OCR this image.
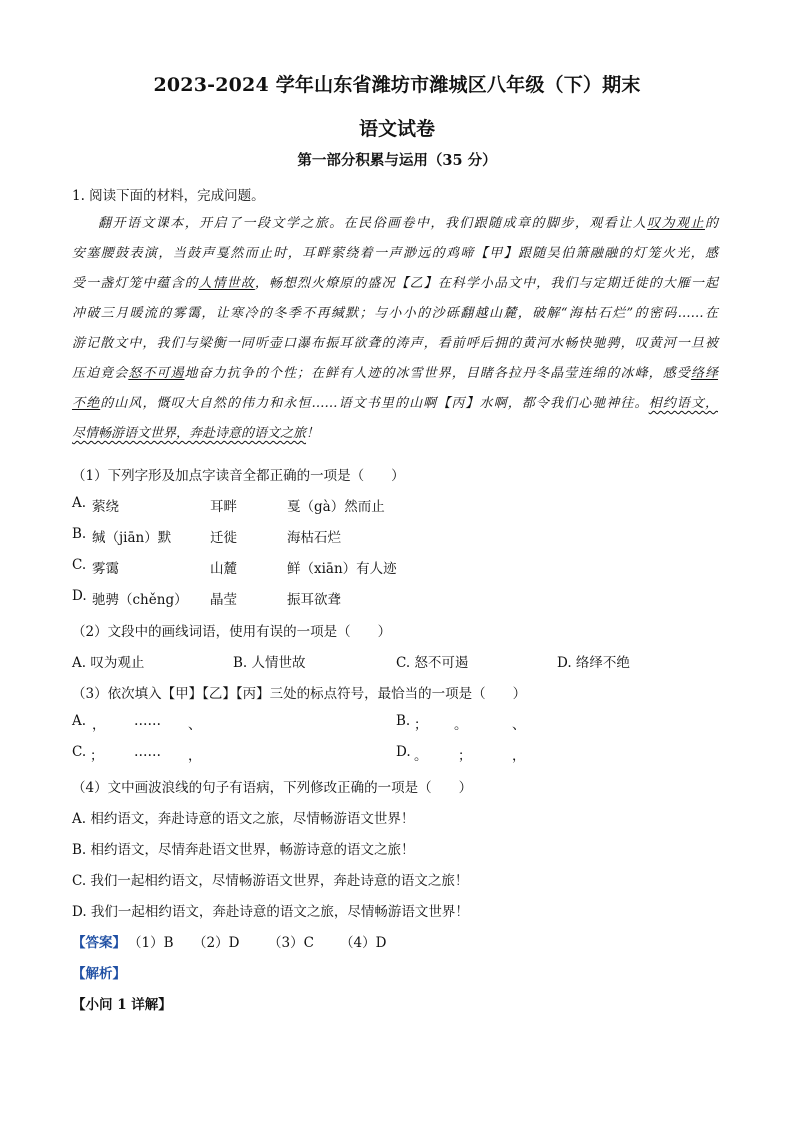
2023-2024 学年山东省潍坊市潍城区八年级（下）期末
语文试卷
第一部分积累与运用（35 分）
1. 阅读下面的材料，完成问题。
翻开语文课本，开启了一段文学之旅。在民俗画卷中，我们跟随成章的脚步，观看让人叹为观止的
安塞腰鼓表演，当鼓声戛然而止时，耳畔萦绕着一声渺远的鸡啼【甲】跟随吴伯箫融融的灯笼火光，感
受一盏灯笼中蕴含的人情世故，畅想烈火燎原的盛况【乙】在科学小品文中，我们与定期迁徙的大雁一起
冲破三月暖流的雾霭，让寒冷的冬季不再缄默；与小小的沙砾翻越山麓，破解“海枯石烂”的密码……在
游记散文中，我们与梁衡一同听壶口瀑布振耳欲聋的涛声，看前呼后拥的黄河水畅快驰骋，叹黄河一旦被
压迫竟会怒不可遏地奋力抗争的个性；在鲜有人迹的冰雪世界，目睹各拉丹冬晶莹连绵的冰峰，感受络绎
不绝的山风，慨叹大自然的伟力和永恒……语文书里的山啊【丙】水啊，都令我们心驰神往。相约语文，
尽情畅游语文世界，奔赴诗意的语文之旅！
（1）下列字形及加点字读音全都正确的一项是（　　）
A. 萦绕	耳畔	戛（gà）然而止
B. 缄（jiān）默	迁徙	海枯石烂
C. 雾霭	山麓	鲜（xiān）有人迹
D. 驰骋（chěng） 晶莹	振耳欲聋
（2）文段中的画线词语，使用有误的一项是（　　）
A. 叹为观止	B. 人情世故	C. 怒不可遏	D. 络绎不绝
（3）依次填入【甲】【乙】【丙】三处的标点符号，最恰当的一项是（　　）
A. ， …… 、	B. ； 。	、
C. ； …… ，	D. 。 ；	，
（4）文中画波浪线的句子有语病，下列修改正确的一项是（　　）
A. 相约语文，奔赴诗意的语文之旅，尽情畅游语文世界！
B. 相约语文，尽情奔赴语文世界，畅游诗意的语文之旅！
C. 我们一起相约语文，尽情畅游语文世界，奔赴诗意的语文之旅！
D. 我们一起相约语文，奔赴诗意的语文之旅，尽情畅游语文世界！
【答案】 （1）B （2）D （3）C （4）D
【解析】
【小问 1 详解】
